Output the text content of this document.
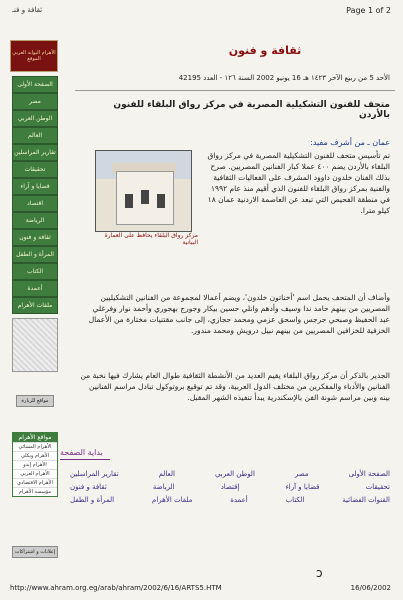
ثقافة و فنـ	Page 1 of 2
الأهرام البوابة العربي الموقع
الصفحة الأولى
مصر
الوطن العربي
العالم
تقارير المراسلين
تحقيقات
قضايا و آراء
اقتصاد
الرياضة
ثقافة و فنون
المرأة و الطفل
الكتاب
أعمدة
ملفات الأهرام
مواقع للزيارة
مواقع الأهرام
الأهرام المسائي
الأهرام ويكلي
الأهرام إبدو
الأهرام العربي
الأهرام الاقتصادي
مؤسسة الأهرام
إعلانات و اشتراكات
ثقافة و فنون
الأحد 5 من ربيع الآخر ١٤٢٣ هـ 16 يونيو 2002 السنة ١٢٦ - العدد 42195
متحف للفنون التشكيلية المصرية في مركز رواق البلقاء للفنون بالأردن
عمان ـ من أشرف مفيد:
مركز رواق البلقاء يحافظ على العمارة البيانية
تم تأسيس متحف للفنون التشكيلية المصرية في مركز رواق البلقاء بالأردن يضم ٤٠٠ عملا كبار الفنانين المصريين. صرح بذلك الفنان خلدون داوود المشرف على الفعاليات الثقافية والفنية بمركز رواق البلقاء للفنون الذي أقيم منذ عام ١٩٩٢ في منطقة الفحيص التي تبعد عن العاصمة الاردنية عمان ١٨ كيلو مترا.
وأضاف أن المتحف يحمل اسم 'أخناتون خلدون'، ويضم أعمالا لمجموعة من الفنانين التشكيليين المصريين من بينهم حامد ندا وسيف وأدهم وانلي حسين بيكار وجورج بهجوري وأحمد نوار وفرغلي عبد الحفيظ وصبحي جرجس واسحق عزمي ومحمد حجازي، إلى جانب مقتنيات مختارة من الأعمال الخزفية للخزافين المصريين من بينهم نبيل درويش ومحمد مندور.
الجدير بالذكر أن مركز رواق البلقاء يقيم العديد من الأنشطة الثقافية طوال العام يشارك فيها نخبة من الفنانين والأدباء والمفكرين من مختلف الدول العربية، وقد تم توقيع بروتوكول تبادل مراسم الفنانين بينه وبين مراسم شونة الفن بالإسكندرية يبدأ تنفيذه الشهر المقبل.
بداية الصفحة
الصفحة الأولى
مصر
الوطن العربي
العالم
تقارير المراسلين
تحقيقات
قضايا و آراء
إقتصاد
الرياضة
ثقافة و فنون
القنوات الفضائية
الكتاب
أعمدة
ملفات الأهرام
المرأة و الطفل
ↄ
http://www.ahram.org.eg/arab/ahram/2002/6/16/ARTS5.HTM	16/06/2002
